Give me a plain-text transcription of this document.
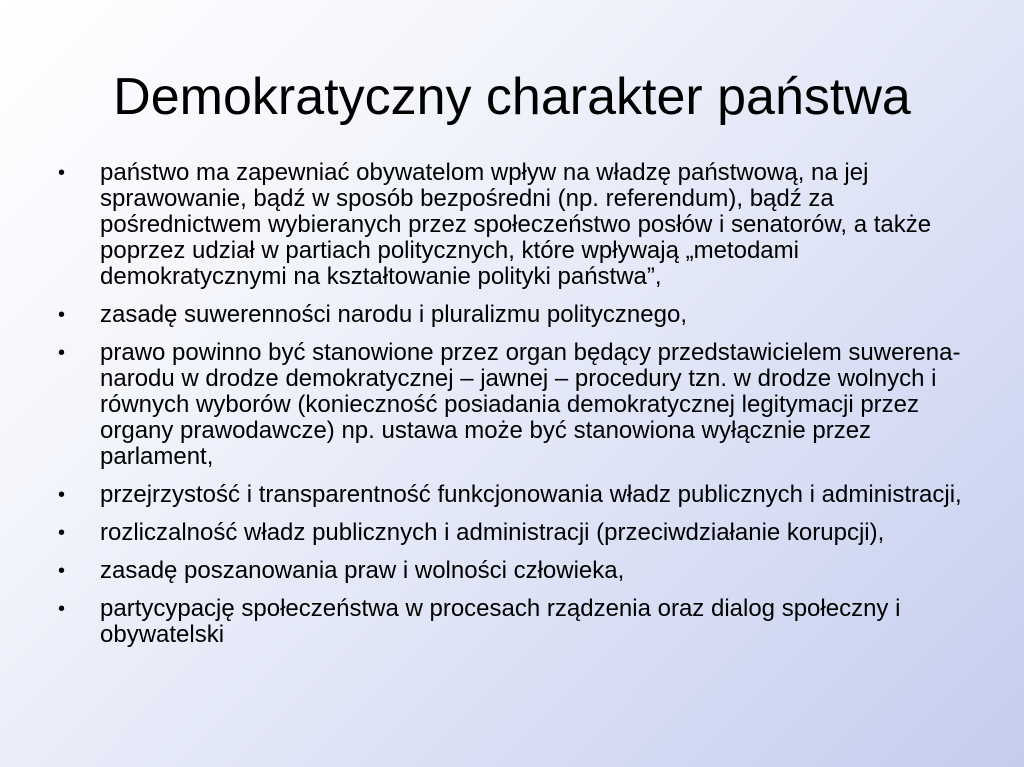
Demokratyczny charakter państwa
•	państwo ma zapewniać obywatelom wpływ na władzę państwową, na jej sprawowanie, bądź w sposób bezpośredni (np. referendum), bądź za pośrednictwem wybieranych przez społeczeństwo posłów i senatorów, a także poprzez udział w partiach politycznych, które wpływają „metodami demokratycznymi na kształtowanie polityki państwa”,
•	zasadę suwerenności narodu i pluralizmu politycznego,
•	prawo powinno być stanowione przez organ będący przedstawicielem suwerena-narodu w drodze demokratycznej – jawnej – procedury tzn. w drodze wolnych i równych wyborów (konieczność posiadania demokratycznej legitymacji przez organy prawodawcze) np. ustawa może być stanowiona wyłącznie przez parlament,
•	przejrzystość i transparentność funkcjonowania władz publicznych i administracji,
•	rozliczalność władz publicznych i administracji (przeciwdziałanie korupcji),
•	zasadę poszanowania praw i wolności człowieka,
•	partycypację społeczeństwa w procesach rządzenia oraz dialog społeczny i obywatelski
